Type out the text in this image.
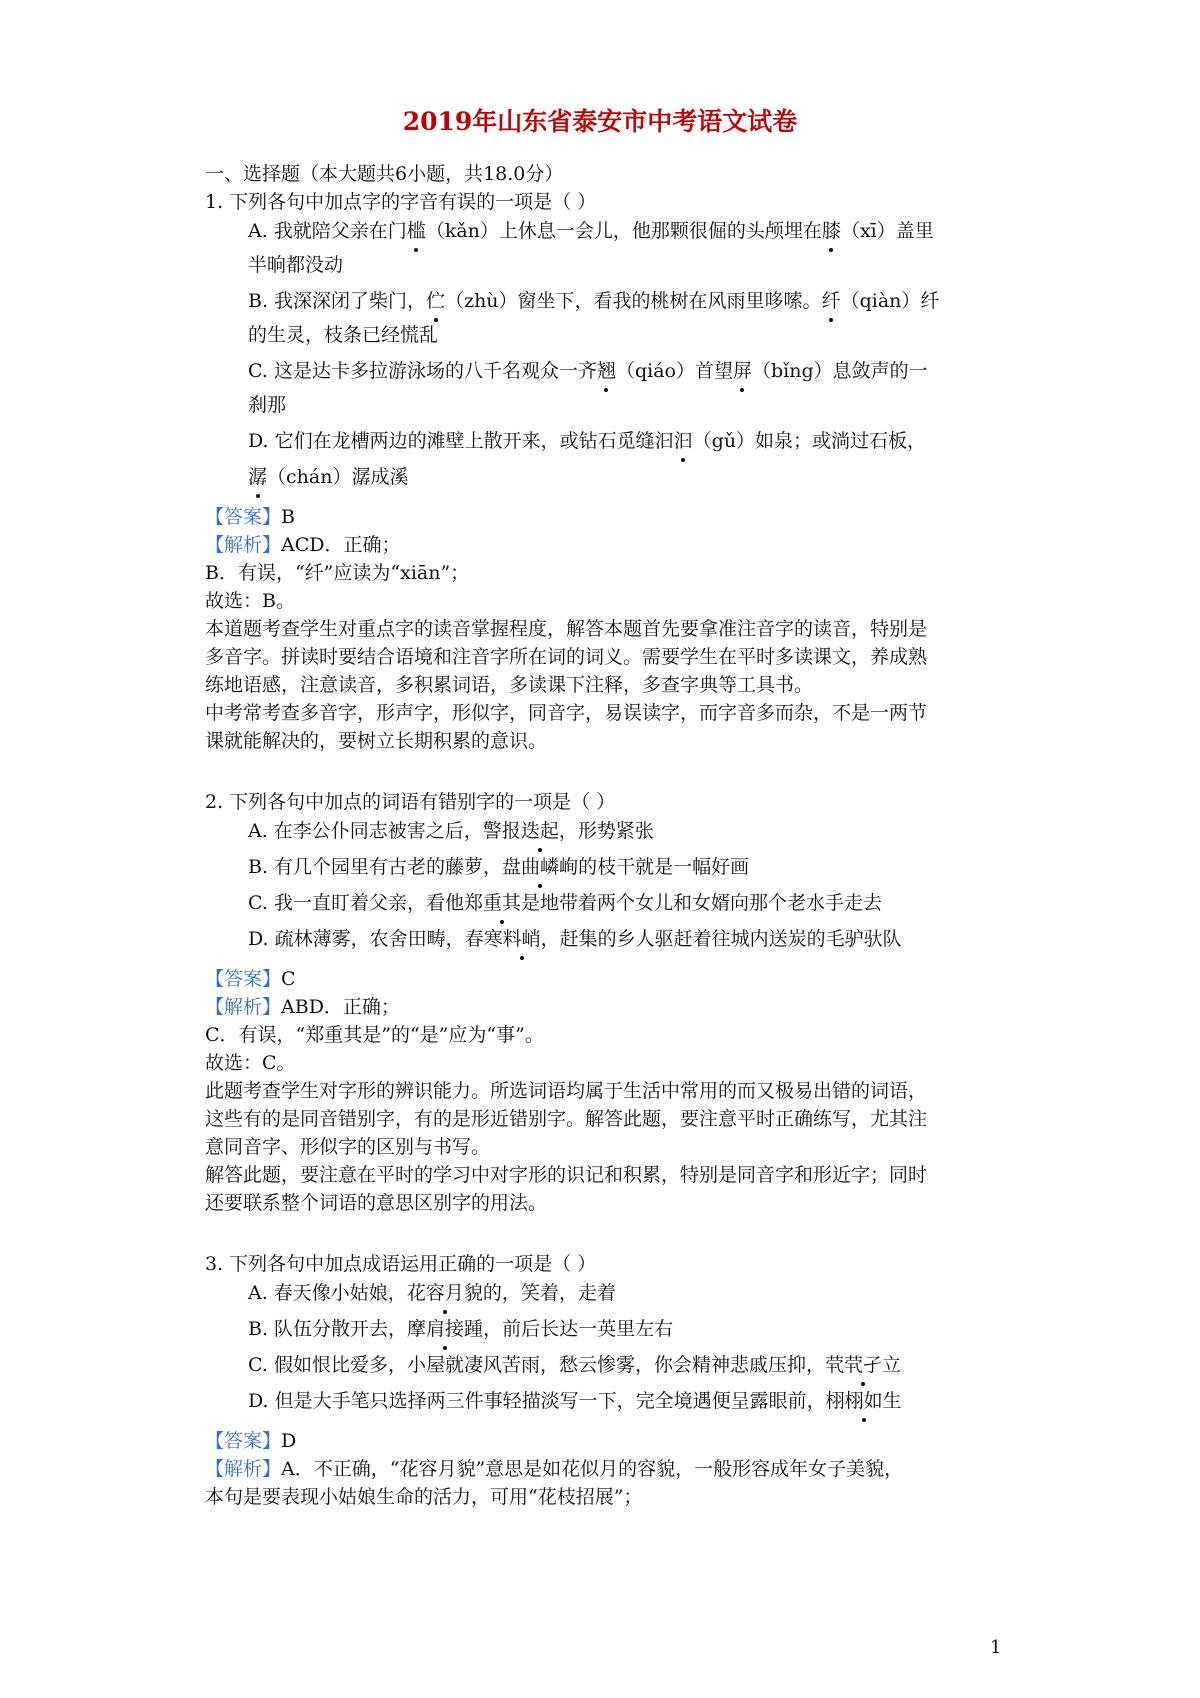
2019年山东省泰安市中考语文试卷
一、选择题（本大题共6小题，共18.0分）
1. 下列各句中加点字的字音有误的一项是（ ）
A. 我就陪父亲在门槛（kǎn）上休息一会儿，他那颗很倔的头颅埋在膝（xī）盖里
半晌都没动
B. 我深深闭了柴门，伫（zhù）窗坐下，看我的桃树在风雨里哆嗦。纤（qiàn）纤
的生灵，枝条已经慌乱
C. 这是达卡多拉游泳场的八千名观众一齐翘（qiáo）首望屏（bǐng）息敛声的一
刹那
D. 它们在龙槽两边的滩壁上散开来，或钻石觅缝汩汩（gǔ）如泉；或淌过石板，
潺（chán）潺成溪
【答案】B
【解析】ACD．正确；
B．有误，“纤”应读为“xiān”；
故选：B。
本道题考查学生对重点字的读音掌握程度，解答本题首先要拿准注音字的读音，特别是
多音字。拼读时要结合语境和注音字所在词的词义。需要学生在平时多读课文，养成熟
练地语感，注意读音，多积累词语，多读课下注释，多查字典等工具书。
中考常考查多音字，形声字，形似字，同音字，易误读字，而字音多而杂，不是一两节
课就能解决的，要树立长期积累的意识。
2. 下列各句中加点的词语有错别字的一项是（ ）
A. 在李公仆同志被害之后，警报迭起，形势紧张
B. 有几个园里有古老的藤萝，盘曲嶙峋的枝干就是一幅好画
C. 我一直盯着父亲，看他郑重其是地带着两个女儿和女婿向那个老水手走去
D. 疏林薄雾，农舍田畴，春寒料峭，赶集的乡人驱赶着往城内送炭的毛驴驮队
【答案】C
【解析】ABD．正确；
C．有误，“郑重其是”的“是”应为“事”。
故选：C。
此题考查学生对字形的辨识能力。所选词语均属于生活中常用的而又极易出错的词语，
这些有的是同音错别字，有的是形近错别字。解答此题，要注意平时正确练写，尤其注
意同音字、形似字的区别与书写。
解答此题，要注意在平时的学习中对字形的识记和积累，特别是同音字和形近字；同时
还要联系整个词语的意思区别字的用法。
3. 下列各句中加点成语运用正确的一项是（ ）
A. 春天像小姑娘，花容月貌的，笑着，走着
B. 队伍分散开去，摩肩接踵，前后长达一英里左右
C. 假如恨比爱多，小屋就凄风苦雨，愁云惨雾，你会精神悲戚压抑，茕茕孑立
D. 但是大手笔只选择两三件事轻描淡写一下，完全境遇便呈露眼前，栩栩如生
【答案】D
【解析】A．不正确，“花容月貌”意思是如花似月的容貌，一般形容成年女子美貌，
本句是要表现小姑娘生命的活力，可用“花枝招展”；
1
